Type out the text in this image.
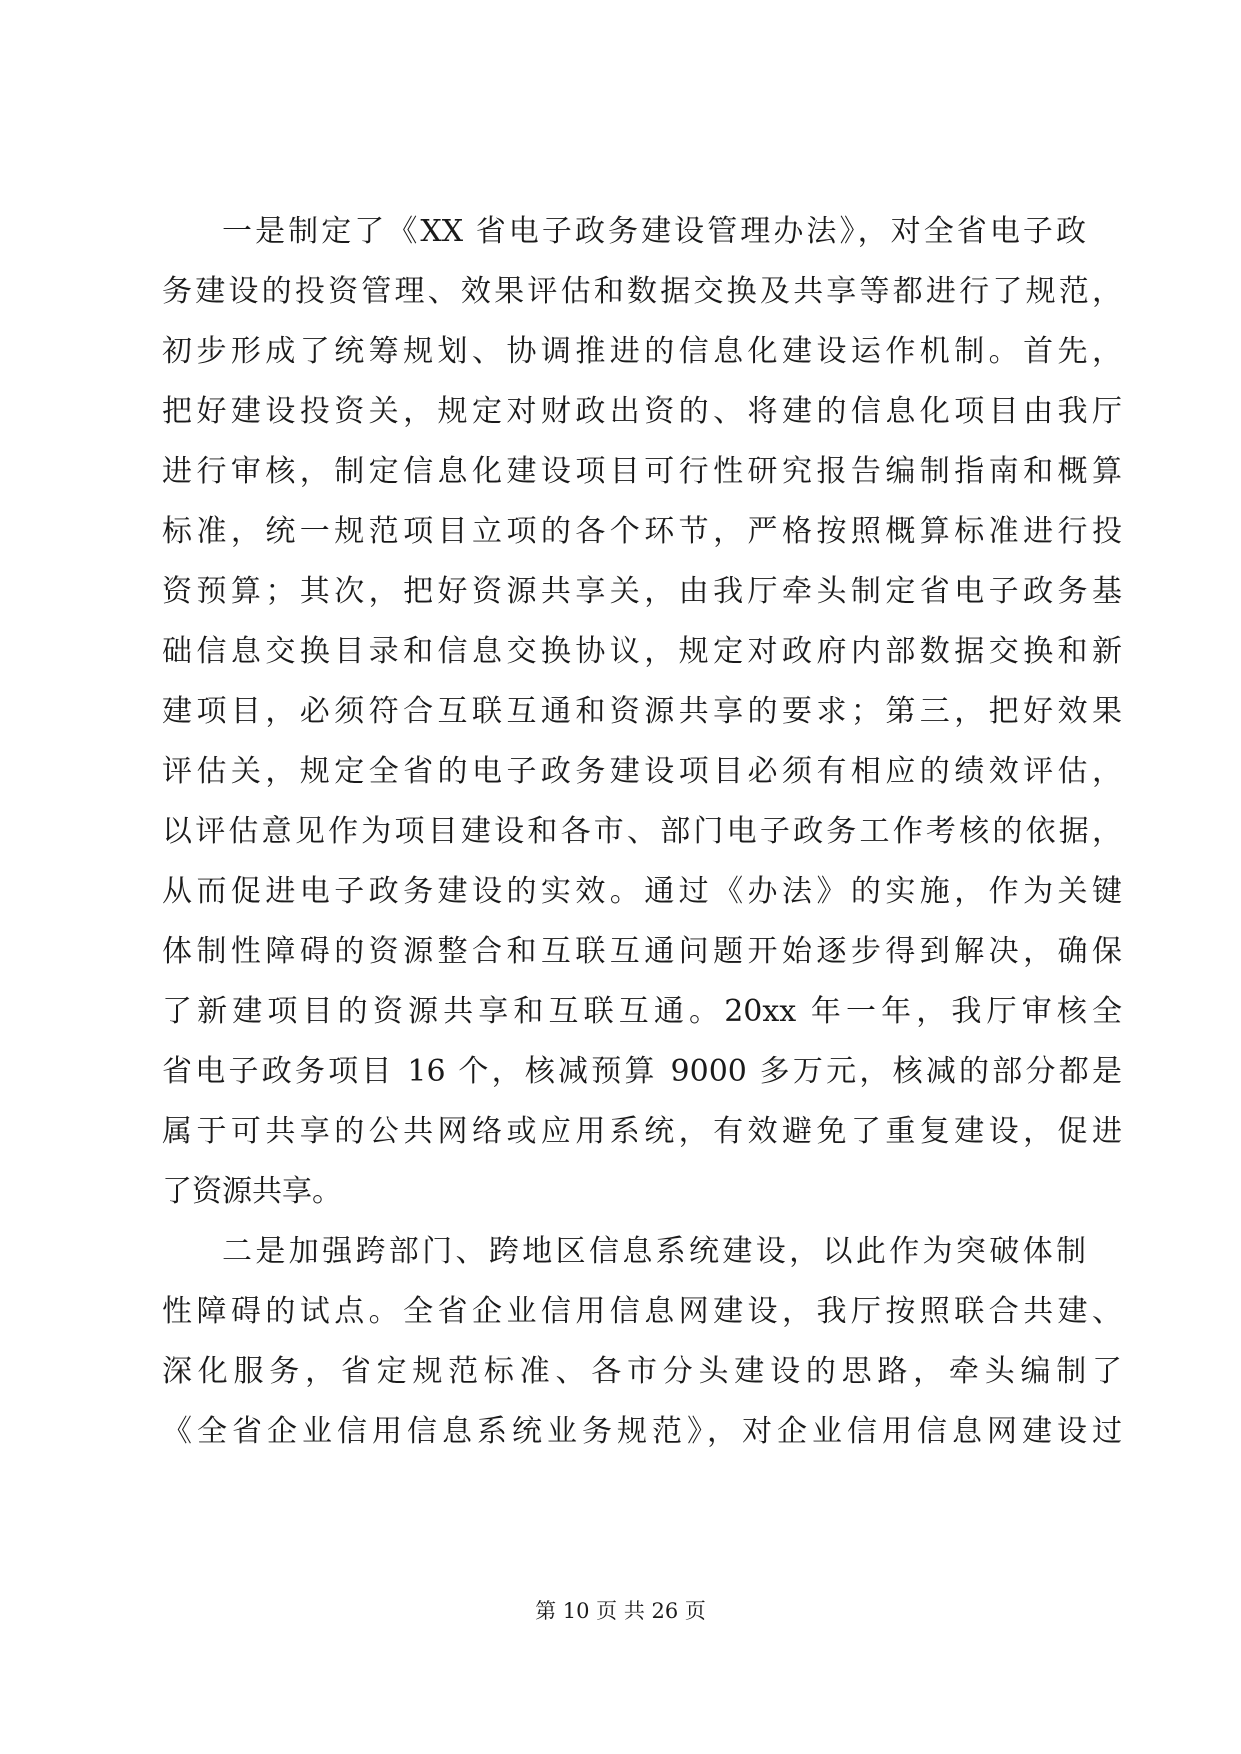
一是制定了《XX 省电子政务建设管理办法》，对全省电子政
务建设的投资管理、效果评估和数据交换及共享等都进行了规范，
初步形成了统筹规划、协调推进的信息化建设运作机制。首先，
把好建设投资关，规定对财政出资的、将建的信息化项目由我厅
进行审核，制定信息化建设项目可行性研究报告编制指南和概算
标准，统一规范项目立项的各个环节，严格按照概算标准进行投
资预算；其次，把好资源共享关，由我厅牵头制定省电子政务基
础信息交换目录和信息交换协议，规定对政府内部数据交换和新
建项目，必须符合互联互通和资源共享的要求；第三，把好效果
评估关，规定全省的电子政务建设项目必须有相应的绩效评估，
以评估意见作为项目建设和各市、部门电子政务工作考核的依据，
从而促进电子政务建设的实效。通过《办法》的实施，作为关键
体制性障碍的资源整合和互联互通问题开始逐步得到解决，确保
了新建项目的资源共享和互联互通。20xx 年一年，我厅审核全
省电子政务项目 16 个，核减预算 9000 多万元，核减的部分都是
属于可共享的公共网络或应用系统，有效避免了重复建设，促进
了资源共享。
二是加强跨部门、跨地区信息系统建设，以此作为突破体制
性障碍的试点。全省企业信用信息网建设，我厅按照联合共建、
深化服务，省定规范标准、各市分头建设的思路，牵头编制了
《全省企业信用信息系统业务规范》，对企业信用信息网建设过
第 10 页 共 26 页
